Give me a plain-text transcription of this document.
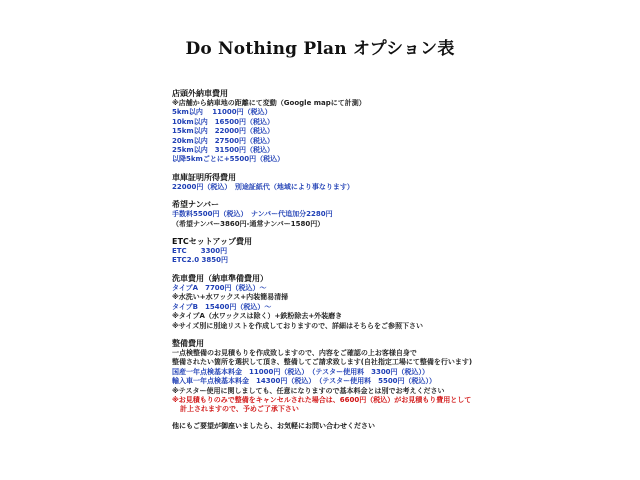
Do Nothing Plan オプション表
店頭外納車費用
※店舗から納車地の距離にて変動（Google mapにて計測）
5km以内　 11000円（税込）
10km以内　16500円（税込）
15km以内　22000円（税込）
20km以内　27500円（税込）
25km以内　31500円（税込）
以降5kmごとに+5500円（税込）
車庫証明所得費用
22000円（税込）　別途証紙代（地域により事なります）
希望ナンバー
手数料5500円（税込）　ナンバー代追加分2280円
（希望ナンバー3860円-通常ナンバー1580円）
ETCセットアップ費用
ETC　　3300円
ETC2.0 3850円
洗車費用（納車準備費用）
タイプA　7700円（税込）～
※水洗い+水ワックス+内装簡易清掃
タイプB　15400円（税込）～
※タイプA（水ワックスは除く）+鉄粉除去+外装磨き
※サイズ別に別途リストを作成しておりますので、詳細はそちらをご参照下さい
整備費用
一点検整備のお見積もりを作成致しますので、内容をご確認の上お客様自身で
整備されたい箇所を選択して頂き、整備してご請求致します(自社指定工場にて整備を行います)
国産一年点検基本料金　11000円（税込）　（テスター使用料　3300円（税込））
輸入車一年点検基本料金　14300円（税込）　（テスター使用料　5500円（税込））
※テスター使用に関しましても、任意になりますので基本料金とは別でお考えください
※お見積もりのみで整備をキャンセルされた場合は、6600円（税込）がお見積もり費用として
計上されますので、予めご了承下さい
他にもご要望が御座いましたら、お気軽にお問い合わせください
